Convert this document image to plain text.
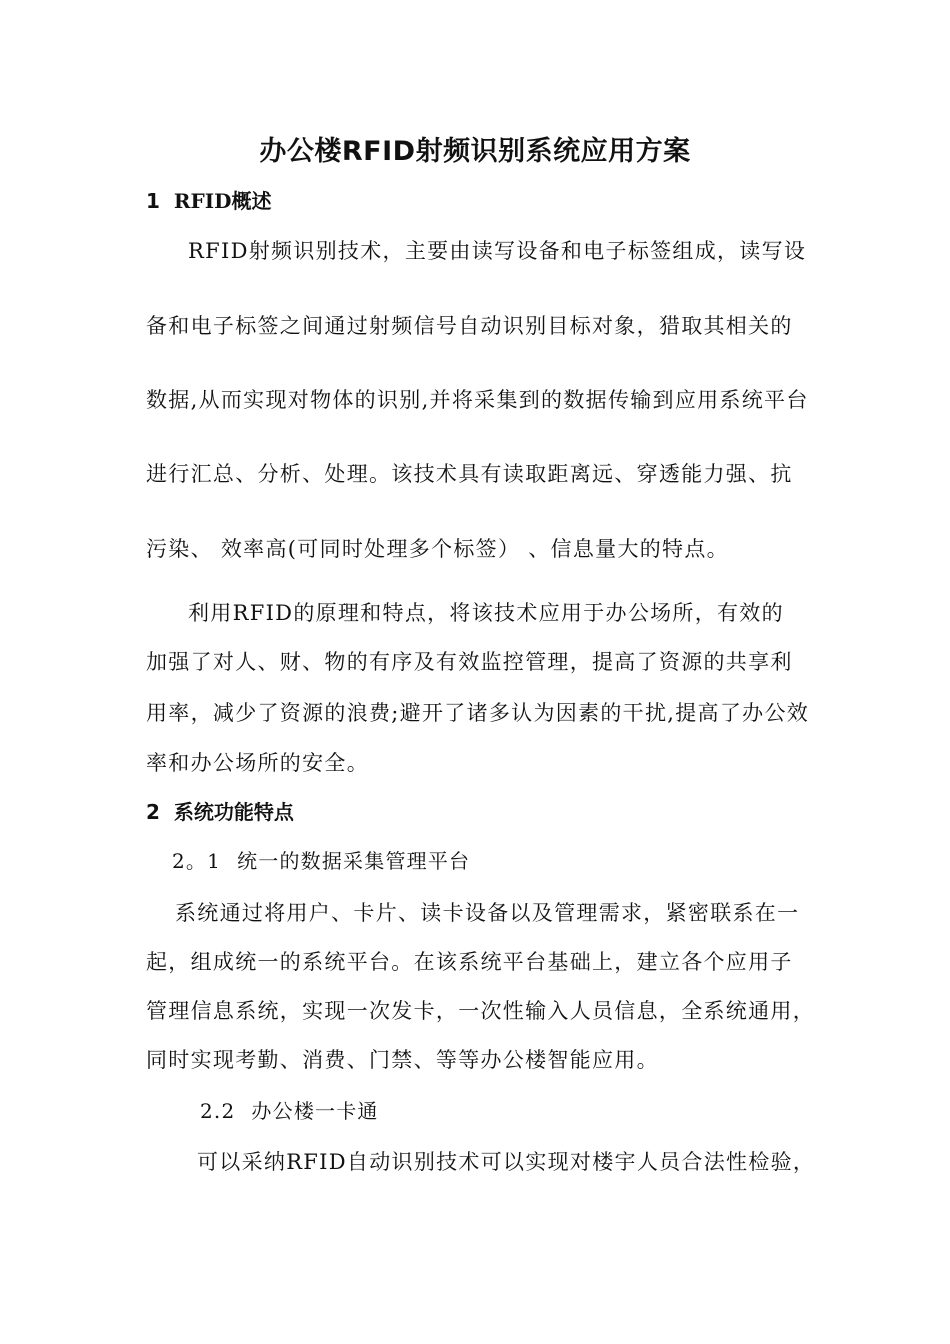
办公楼RFID射频识别系统应用方案
1 RFID概述
RFID射频识别技术，主要由读写设备和电子标签组成，读写设
备和电子标签之间通过射频信号自动识别目标对象，猎取其相关的
数据,从而实现对物体的识别,并将采集到的数据传输到应用系统平台
进行汇总、分析、处理。该技术具有读取距离远、穿透能力强、抗
污染、 效率高(可同时处理多个标签） 、信息量大的特点。
利用RFID的原理和特点，将该技术应用于办公场所，有效的
加强了对人、财、物的有序及有效监控管理，提高了资源的共享利
用率，减少了资源的浪费;避开了诸多认为因素的干扰,提高了办公效
率和办公场所的安全。
2 系统功能特点
2。1 统一的数据采集管理平台
系统通过将用户、卡片、读卡设备以及管理需求，紧密联系在一
起，组成统一的系统平台。在该系统平台基础上，建立各个应用子
管理信息系统，实现一次发卡，一次性输入人员信息，全系统通用，
同时实现考勤、消费、门禁、等等办公楼智能应用。
2.2 办公楼一卡通
可以采纳RFID自动识别技术可以实现对楼宇人员合法性检验，
